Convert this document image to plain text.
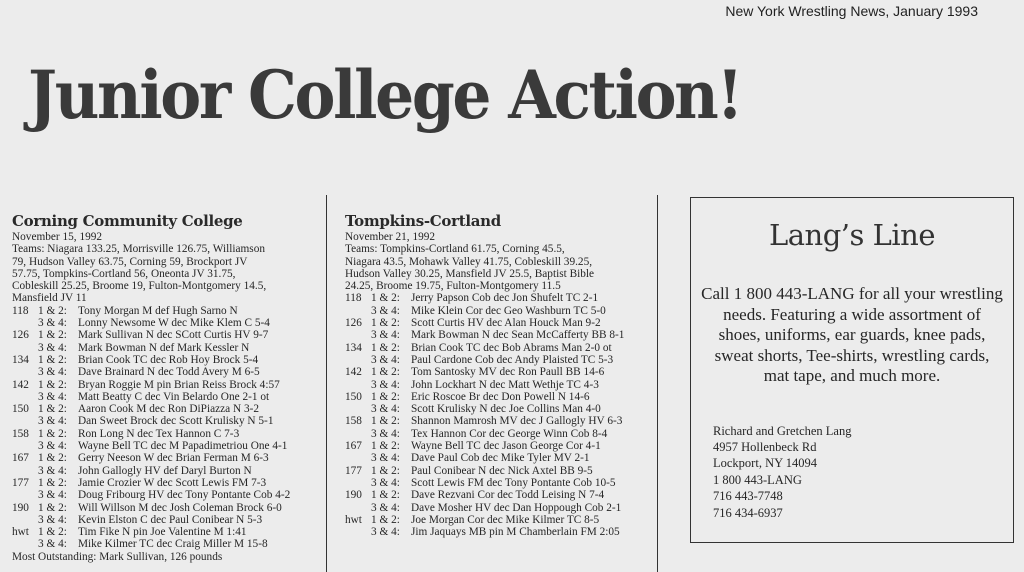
New York Wrestling News, January 1993
Junior College Action!
Corning Community College
November 15, 1992
Teams: Niagara 133.25, Morrisville 126.75, Williamson
79, Hudson Valley 63.75, Corning 59, Brockport JV
57.75, Tompkins-Cortland 56, Oneonta JV 31.75,
Cobleskill 25.25, Broome 19, Fulton-Montgomery 14.5,
Mansfield JV 11
118 1 & 2: Tony Morgan M def Hugh Sarno N
3 & 4: Lonny Newsome W dec Mike Klem C 5-4
126 1 & 2: Mark Sullivan N dec SCott Curtis HV 9-7
3 & 4: Mark Bowman N def Mark Kessler N
134 1 & 2: Brian Cook TC dec Rob Hoy Brock 5-4
3 & 4: Dave Brainard N dec Todd Avery M 6-5
142 1 & 2: Bryan Roggie M pin Brian Reiss Brock 4:57
3 & 4: Matt Beatty C dec Vin Belardo One 2-1 ot
150 1 & 2: Aaron Cook M dec Ron DiPiazza N 3-2
3 & 4: Dan Sweet Brock dec Scott Krulisky N 5-1
158 1 & 2: Ron Long N dec Tex Hannon C 7-3
3 & 4: Wayne Bell TC dec M Papadimetriou One 4-1
167 1 & 2: Gerry Neeson W dec Brian Ferman M 6-3
3 & 4: John Gallogly HV def Daryl Burton N
177 1 & 2: Jamie Crozier W dec Scott Lewis FM 7-3
3 & 4: Doug Fribourg HV dec Tony Pontante Cob 4-2
190 1 & 2: Will Willson M dec Josh Coleman Brock 6-0
3 & 4: Kevin Elston C dec Paul Conibear N 5-3
hwt 1 & 2: Tim Fike N pin Joe Valentine M 1:41
3 & 4: Mike Kilmer TC dec Craig Miller M 15-8
Most Outstanding: Mark Sullivan, 126 pounds
Tompkins-Cortland
November 21, 1992
Teams: Tompkins-Cortland 61.75, Corning 45.5,
Niagara 43.5, Mohawk Valley 41.75, Cobleskill 39.25,
Hudson Valley 30.25, Mansfield JV 25.5, Baptist Bible
24.25, Broome 19.75, Fulton-Montgomery 11.5
118 1 & 2: Jerry Papson Cob dec Jon Shufelt TC 2-1
3 & 4: Mike Klein Cor dec Geo Washburn TC 5-0
126 1 & 2: Scott Curtis HV dec Alan Houck Man 9-2
3 & 4: Mark Bowman N dec Sean McCafferty BB 8-1
134 1 & 2: Brian Cook TC dec Bob Abrams Man 2-0 ot
3 & 4: Paul Cardone Cob dec Andy Plaisted TC 5-3
142 1 & 2: Tom Santosky MV dec Ron Paull BB 14-6
3 & 4: John Lockhart N dec Matt Wethje TC 4-3
150 1 & 2: Eric Roscoe Br dec Don Powell N 14-6
3 & 4: Scott Krulisky N dec Joe Collins Man 4-0
158 1 & 2: Shannon Mamrosh MV dec J Gallogly HV 6-3
3 & 4: Tex Hannon Cor dec George Winn Cob 8-4
167 1 & 2: Wayne Bell TC dec Jason George Cor 4-1
3 & 4: Dave Paul Cob dec Mike Tyler MV 2-1
177 1 & 2: Paul Conibear N dec Nick Axtel BB 9-5
3 & 4: Scott Lewis FM dec Tony Pontante Cob 10-5
190 1 & 2: Dave Rezvani Cor dec Todd Leising N 7-4
3 & 4: Dave Mosher HV dec Dan Hoppough Cob 2-1
hwt 1 & 2: Joe Morgan Cor dec Mike Kilmer TC 8-5
3 & 4: Jim Jaquays MB pin M Chamberlain FM 2:05
Lang’s Line
Call 1 800 443-LANG for all your wrestling needs. Featuring a wide assortment of shoes, uniforms, ear guards, knee pads, sweat shorts, Tee-shirts, wrestling cards, mat tape, and much more.
Richard and Gretchen Lang
4957 Hollenbeck Rd
Lockport, NY 14094
1 800 443-LANG
716 443-7748
716 434-6937
